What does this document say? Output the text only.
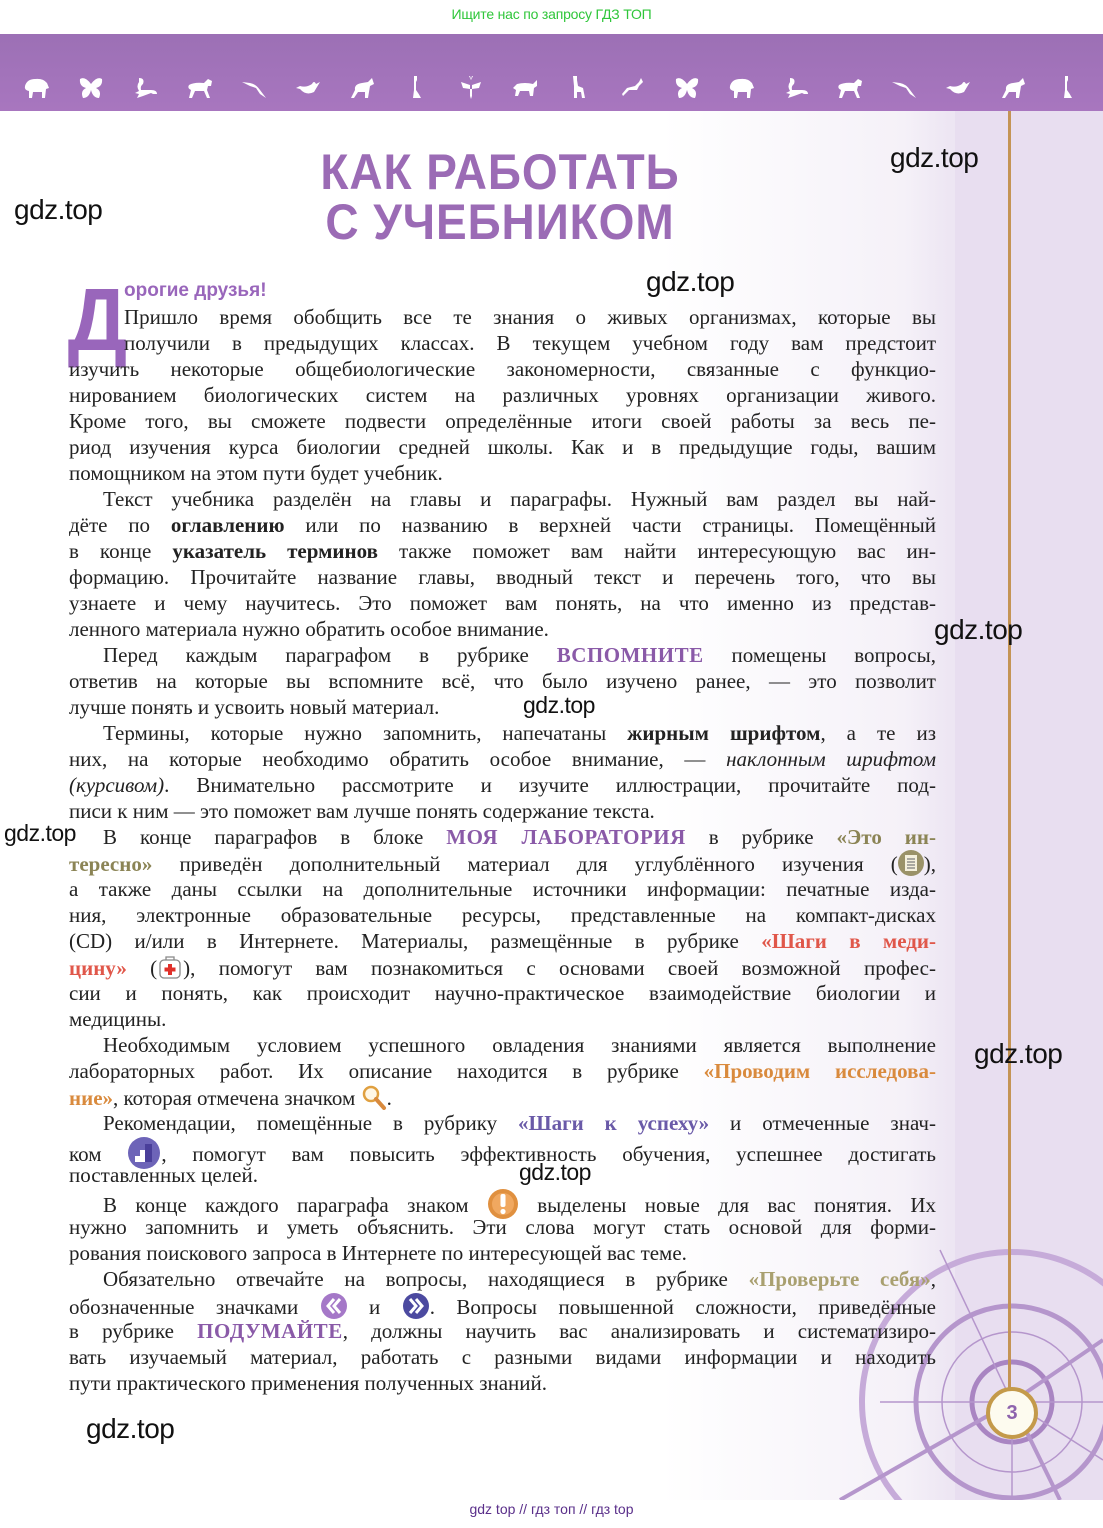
Ищите нас по запросу ГДЗ ТОП
3
КАК РАБОТАТЬ
С УЧЕБНИКОМ
gdz.top
gdz.top
gdz.top
gdz.top
gdz.top
gdz.top
gdz.top
gdz.top
gdz.top
Д
орогие друзья!
Пришло время обобщить все те знания о живых организмах, которые вы
получили в предыдущих классах. В текущем учебном году вам предстоит
изучить некоторые общебиологические закономерности, связанные с функцио-
нированием биологических систем на различных уровнях организации живого.
Кроме того, вы сможете подвести определённые итоги своей работы за весь пе-
риод изучения курса биологии средней школы. Как и в предыдущие годы, вашим
помощником на этом пути будет учебник.
Текст учебника разделён на главы и параграфы. Нужный вам раздел вы най-
дёте по оглавлению или по названию в верхней части страницы. Помещённый
в конце указатель терминов также поможет вам найти интересующую вас ин-
формацию. Прочитайте название главы, вводный текст и перечень того, что вы
узнаете и чему научитесь. Это поможет вам понять, на что именно из представ-
ленного материала нужно обратить особое внимание.
Перед каждым параграфом в рубрике ВСПОМНИТЕ помещены вопросы,
ответив на которые вы вспомните всё, что было изучено ранее, — это позволит
лучше понять и усвоить новый материал.
Термины, которые нужно запомнить, напечатаны жирным шрифтом, а те из
них, на которые необходимо обратить особое внимание, — наклонным шрифтом
(курсивом). Внимательно рассмотрите и изучите иллюстрации, прочитайте под-
писи к ним — это поможет вам лучше понять содержание текста.
В конце параграфов в блоке МОЯ ЛАБОРАТОРИЯ в рубрике «Это ин-
тересно» приведён дополнительный материал для углублённого изучения ( ),
а также даны ссылки на дополнительные источники информации: печатные изда-
ния, электронные образовательные ресурсы, представленные на компакт-дисках
(CD) и/или в Интернете. Материалы, размещённые в рубрике «Шаги в меди-
цину» ( ), помогут вам познакомиться с основами своей возможной профес-
сии и понять, как происходит научно-практическое взаимодействие биологии и
медицины.
Необходимым условием успешного овладения знаниями является выполнение
лабораторных работ. Их описание находится в рубрике «Проводим исследова-
ние», которая отмечена значком .
Рекомендации, помещённые в рубрику «Шаги к успеху» и отмеченные знач-
ком , помогут вам повысить эффективность обучения, успешнее достигать
поставленных целей.
В конце каждого параграфа знаком  выделены новые для вас понятия. Их
нужно запомнить и уметь объяснить. Эти слова могут стать основой для форми-
рования поискового запроса в Интернете по интересующей вас теме.
Обязательно отвечайте на вопросы, находящиеся в рубрике «Проверьте себя»,
обозначенные значками  и . Вопросы повышенной сложности, приведённые
в рубрике ПОДУМАЙТЕ, должны научить вас анализировать и систематизиро-
вать изучаемый материал, работать с разными видами информации и находить
пути практического применения полученных знаний.
gdz top // гдз топ // гдз top
